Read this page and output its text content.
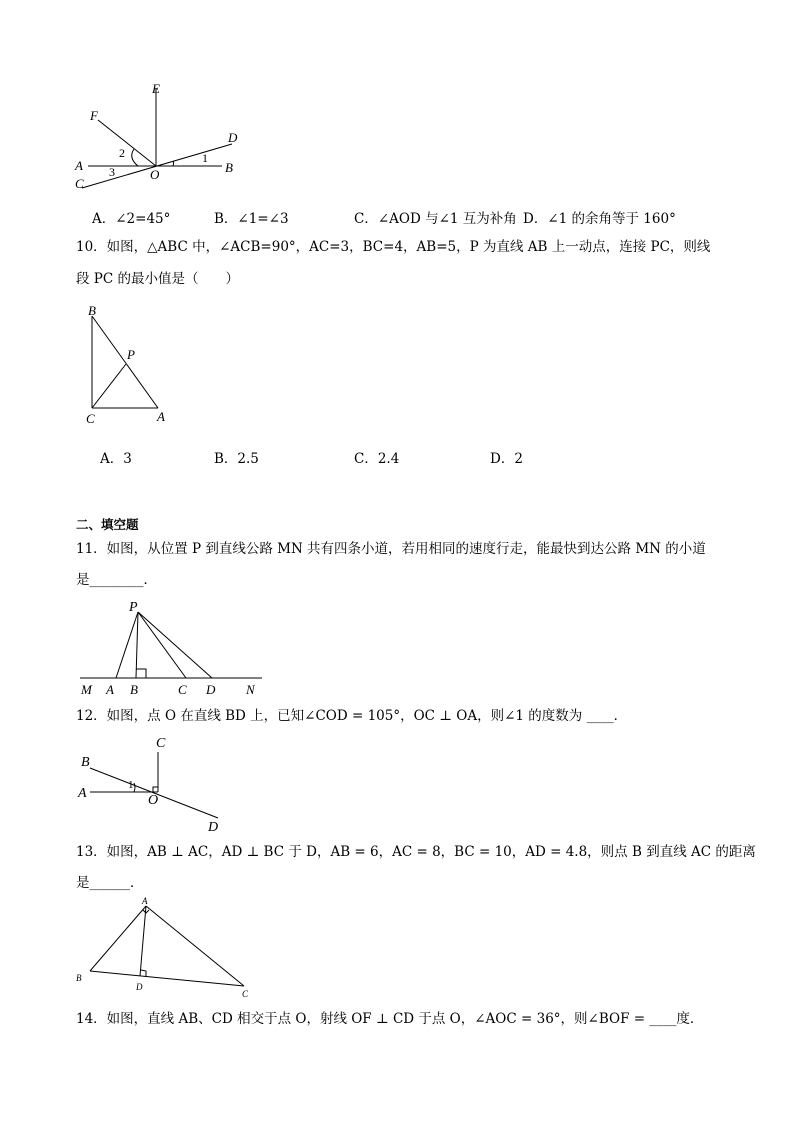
E
F
D
A	B
C
O
1
2
3
A．∠2=45°	B．∠1=∠3	C．∠AOD 与∠1 互为补角 D．∠1 的余角等于 160°
10．如图，△ABC 中，∠ACB=90°，AC=3，BC=4，AB=5，P 为直线 AB 上一动点，连接 PC，则线
段 PC 的最小值是（　　）
B
P
C	A
A．3	B．2.5	C．2.4	D．2
二、填空题
11．如图，从位置 P 到直线公路 MN 共有四条小道，若用相同的速度行走，能最快到达公路 MN 的小道
是________．
P
M A B	C D N
12．如图，点 O 在直线 BD 上，已知∠COD = 105°，OC ⊥ OA，则∠1 的度数为 ____．
C
B
A	O
D
1
13．如图，AB ⊥ AC，AD ⊥ BC 于 D，AB = 6，AC = 8，BC = 10，AD = 4.8，则点 B 到直线 AC 的距离
是______．
A
B
D
C
14．如图，直线 AB、CD 相交于点 O，射线 OF ⊥ CD 于点 O，∠AOC = 36°，则∠BOF = ____度．
